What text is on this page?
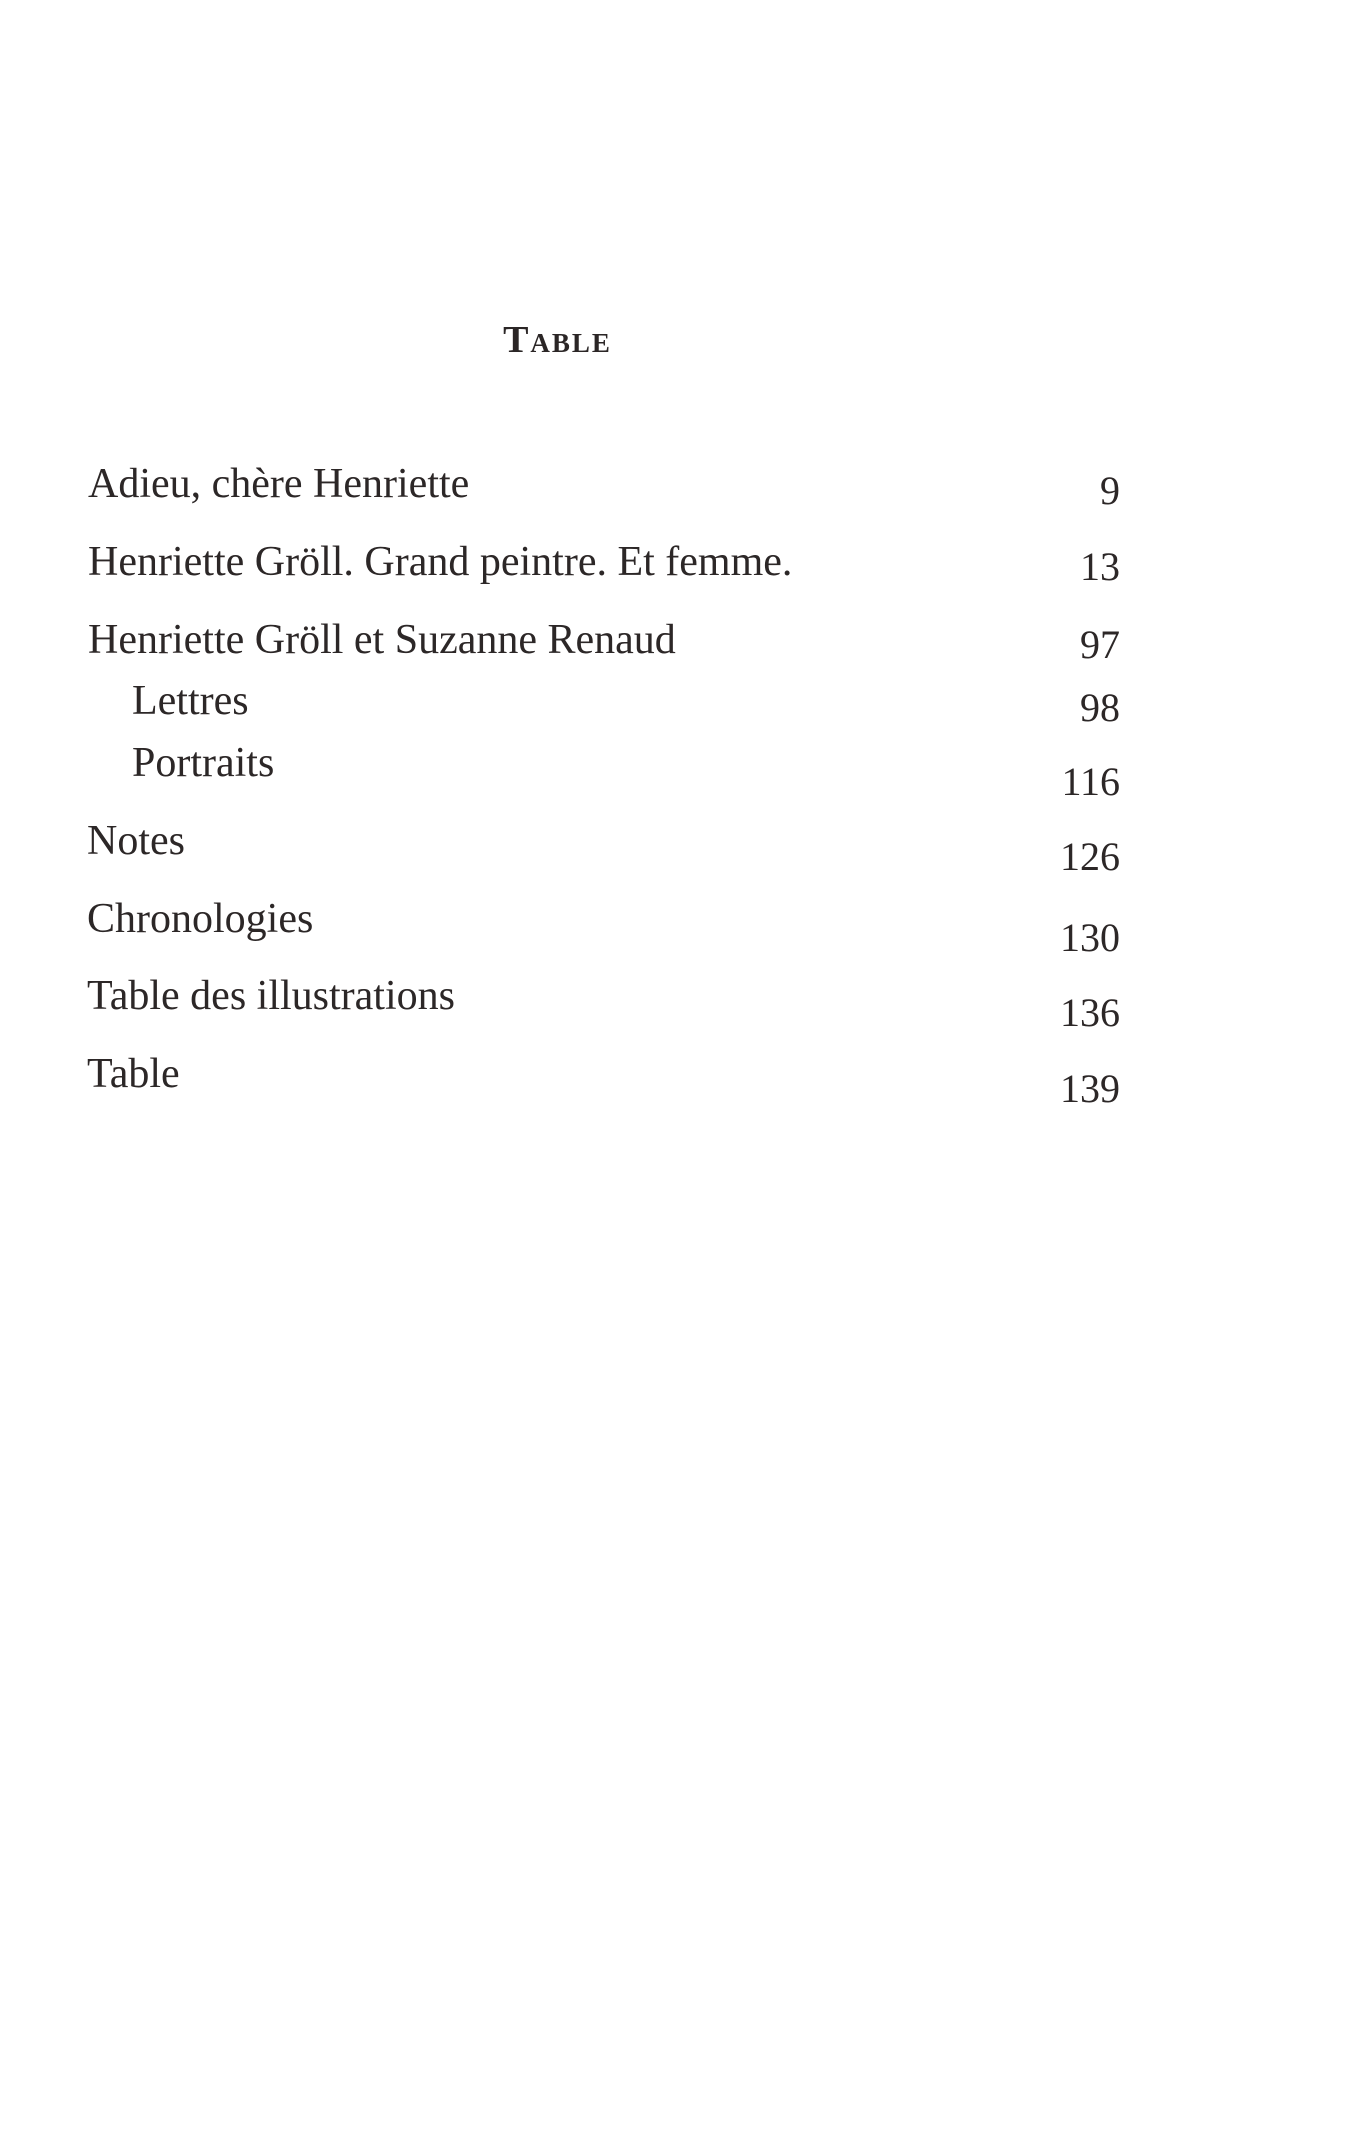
Table
Adieu, chère Henriette	9
Henriette Gröll. Grand peintre. Et femme.	13
Henriette Gröll et Suzanne Renaud	97
Lettres	98
Portraits	116
Notes	126
Chronologies	130
Table des illustrations	136
Table	139
